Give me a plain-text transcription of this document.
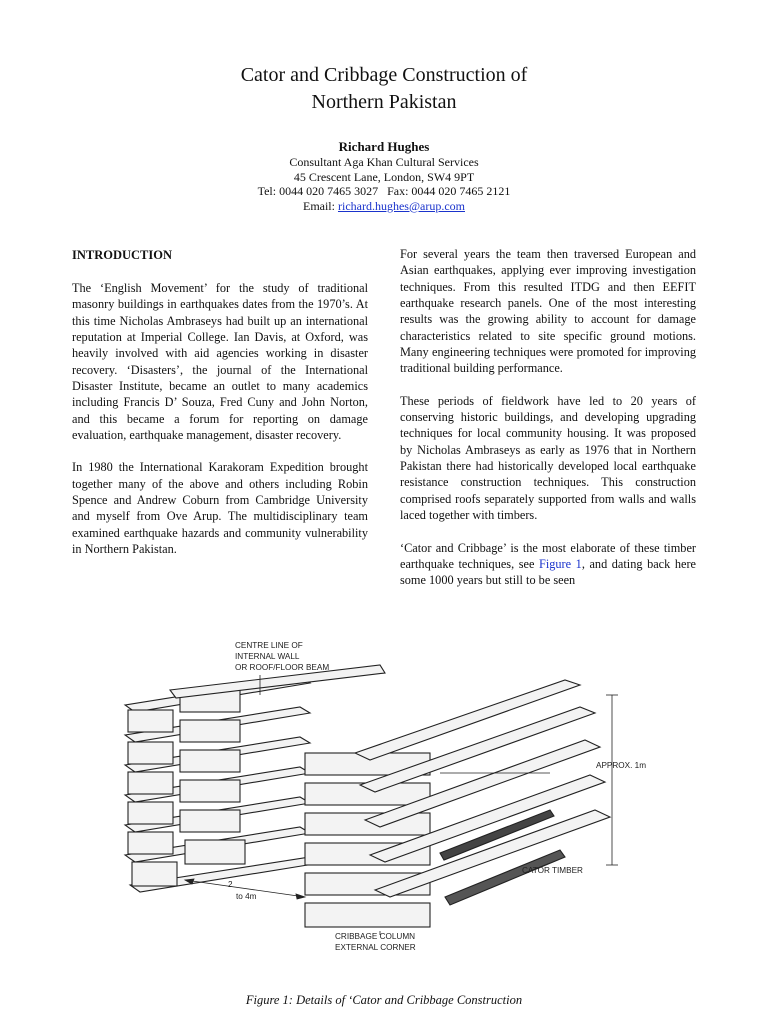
Cator and Cribbage Construction of
Northern Pakistan
Richard Hughes
Consultant Aga Khan Cultural Services
45 Crescent Lane, London, SW4 9PT
Tel: 0044 020 7465 3027   Fax: 0044 020 7465 2121
Email: richard.hughes@arup.com
INTRODUCTION

The ‘English Movement’ for the study of traditional masonry buildings in earthquakes dates from the 1970’s. At this time Nicholas Ambraseys had built up an international reputation at Imperial College. Ian Davis, at Oxford, was heavily involved with aid agencies working in disaster recovery. ‘Disasters’, the journal of the International Disaster Institute, became an outlet to many academics including Francis D’ Souza, Fred Cuny and John Norton, and this became a forum for reporting on damage evaluation, earthquake management, disaster recovery.

In 1980 the International Karakoram Expedition brought together many of the above and others including Robin Spence and Andrew Coburn from Cambridge University and myself from Ove Arup. The multidisciplinary team examined earthquake hazards and community vulnerability in Northern Pakistan.

For several years the team then traversed European and Asian earthquakes, applying ever improving investigation techniques. From this resulted ITDG and then EEFIT earthquake research panels. One of the most interesting results was the growing ability to account for damage characteristics related to site specific ground motions. Many engineering techniques were promoted for improving traditional building performance.

These periods of fieldwork have led to 20 years of conserving historic buildings, and developing upgrading techniques for local community housing. It was proposed by Nicholas Ambraseys as early as 1976 that in Northern Pakistan there had historically developed local earthquake resistance construction techniques. This construction comprised roofs separately supported from walls and walls laced together with timbers.

‘Cator and Cribbage’ is the most elaborate of these timber earthquake techniques, see Figure 1, and dating back here some 1000 years but still to be seen

CENTRE LINE OF
INTERNAL WALL
OR ROOF/FLOOR BEAM
APPROX. 1m
CATOR TIMBER
2
to 4m
CRIBBAGE COLUMN
EXTERNAL CORNER
Figure 1: Details of ‘Cator and Cribbage Construction
